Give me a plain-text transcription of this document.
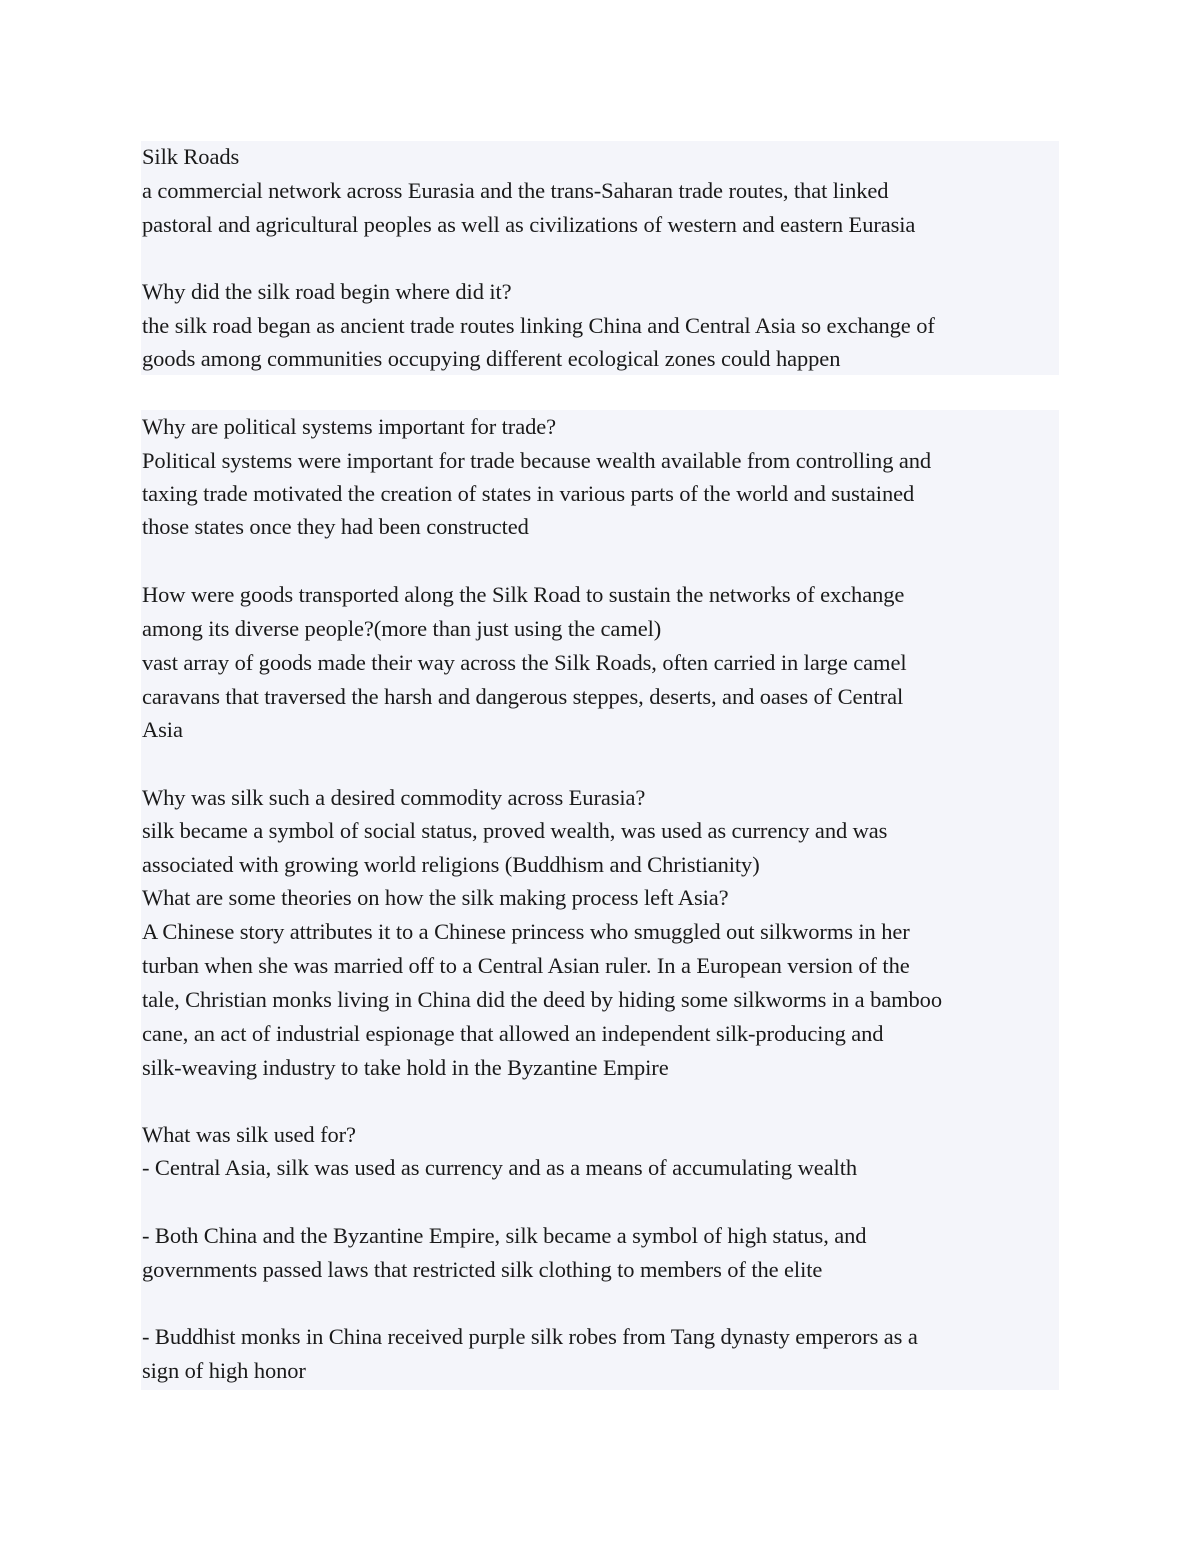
Silk Roads
a commercial network across Eurasia and the trans-Saharan trade routes, that linked
pastoral and agricultural peoples as well as civilizations of western and eastern Eurasia
Why did the silk road begin where did it?
the silk road began as ancient trade routes linking China and Central Asia so exchange of
goods among communities occupying different ecological zones could happen
Why are political systems important for trade?
Political systems were important for trade because wealth available from controlling and
taxing trade motivated the creation of states in various parts of the world and sustained
those states once they had been constructed
How were goods transported along the Silk Road to sustain the networks of exchange
among its diverse people?(more than just using the camel)
vast array of goods made their way across the Silk Roads, often carried in large camel
caravans that traversed the harsh and dangerous steppes, deserts, and oases of Central
Asia
Why was silk such a desired commodity across Eurasia?
silk became a symbol of social status, proved wealth, was used as currency and was
associated with growing world religions (Buddhism and Christianity)
What are some theories on how the silk making process left Asia?
A Chinese story attributes it to a Chinese princess who smuggled out silkworms in her
turban when she was married off to a Central Asian ruler. In a European version of the
tale, Christian monks living in China did the deed by hiding some silkworms in a bamboo
cane, an act of industrial espionage that allowed an independent silk-producing and
silk-weaving industry to take hold in the Byzantine Empire
What was silk used for?
- Central Asia, silk was used as currency and as a means of accumulating wealth
- Both China and the Byzantine Empire, silk became a symbol of high status, and
governments passed laws that restricted silk clothing to members of the elite
- Buddhist monks in China received purple silk robes from Tang dynasty emperors as a
sign of high honor
